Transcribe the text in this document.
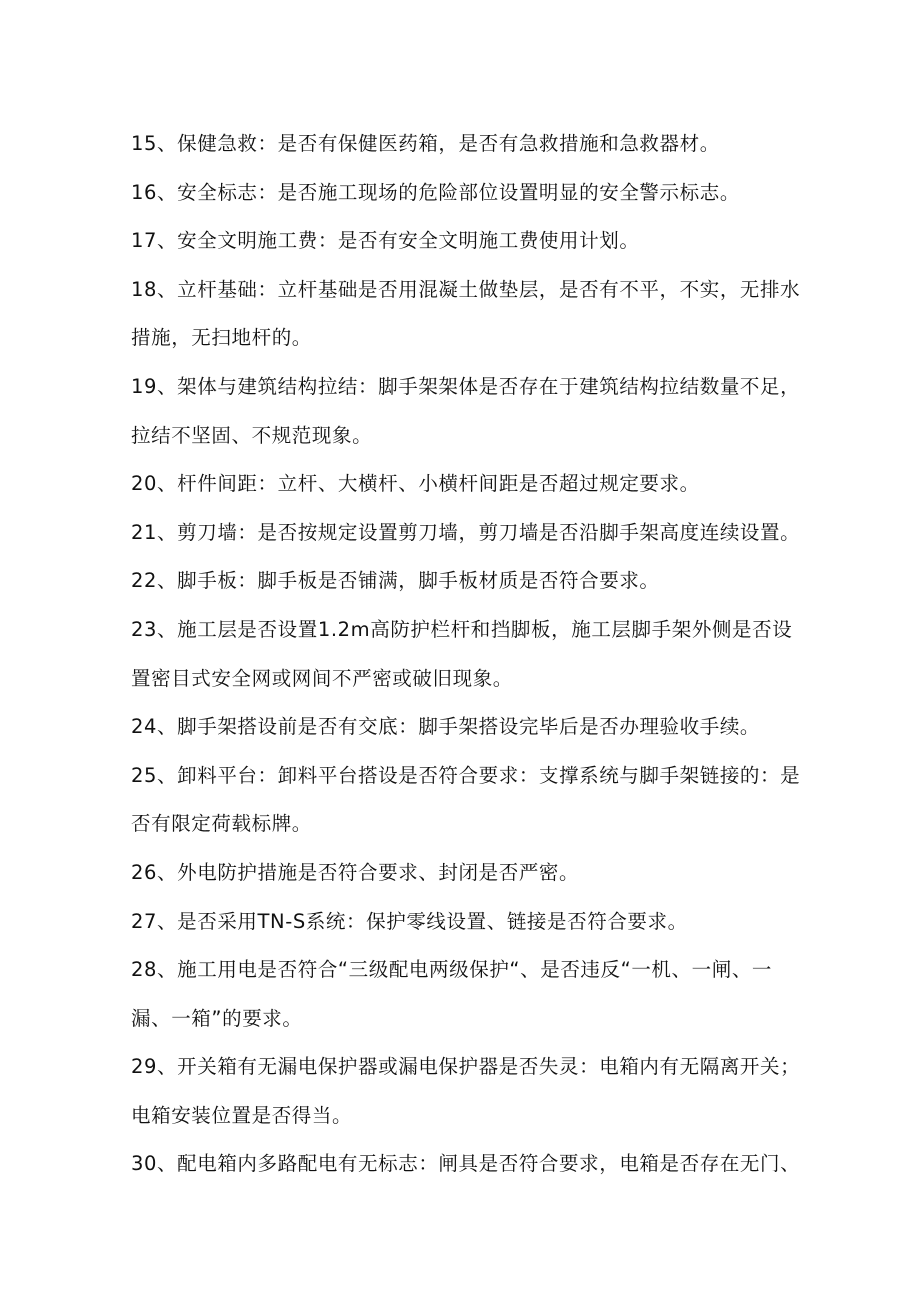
15、保健急救：是否有保健医药箱，是否有急救措施和急救器材。
16、安全标志：是否施工现场的危险部位设置明显的安全警示标志。
17、安全文明施工费：是否有安全文明施工费使用计划。
18、立杆基础：立杆基础是否用混凝土做垫层，是否有不平，不实，无排水
措施，无扫地杆的。
19、架体与建筑结构拉结：脚手架架体是否存在于建筑结构拉结数量不足，
拉结不坚固、不规范现象。
20、杆件间距：立杆、大横杆、小横杆间距是否超过规定要求。
21、剪刀墙：是否按规定设置剪刀墙，剪刀墙是否沿脚手架高度连续设置。
22、脚手板：脚手板是否铺满，脚手板材质是否符合要求。
23、施工层是否设置1.2m高防护栏杆和挡脚板，施工层脚手架外侧是否设
置密目式安全网或网间不严密或破旧现象。
24、脚手架搭设前是否有交底：脚手架搭设完毕后是否办理验收手续。
25、卸料平台：卸料平台搭设是否符合要求：支撑系统与脚手架链接的：是
否有限定荷载标牌。
26、外电防护措施是否符合要求、封闭是否严密。
27、是否采用TN-S系统：保护零线设置、链接是否符合要求。
28、施工用电是否符合“三级配电两级保护“、是否违反“一机、一闸、一
漏、一箱”的要求。
29、开关箱有无漏电保护器或漏电保护器是否失灵：电箱内有无隔离开关；
电箱安装位置是否得当。
30、配电箱内多路配电有无标志：闸具是否符合要求，电箱是否存在无门、
